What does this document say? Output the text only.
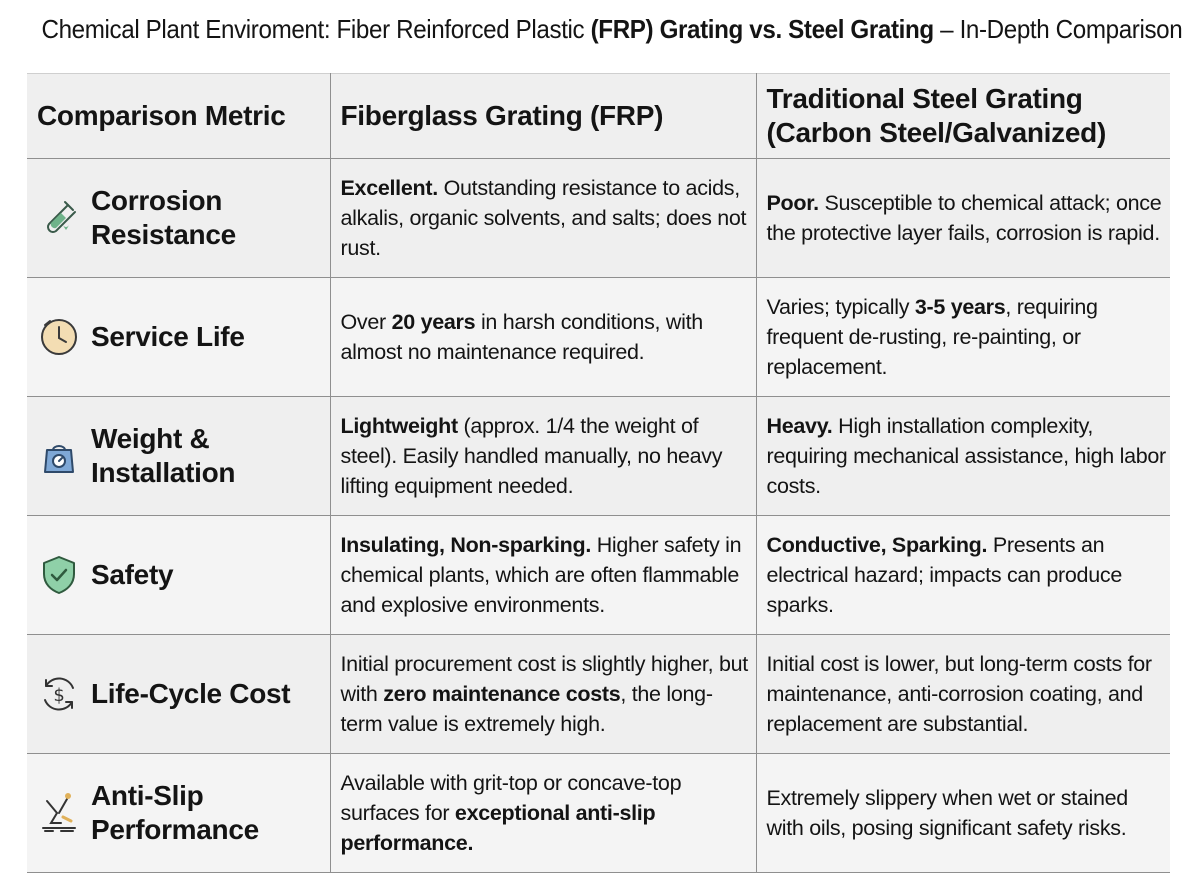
Chemical Plant Enviroment: Fiber Reinforced Plastic (FRP) Grating vs. Steel Grating – In-Depth Comparison
Comparison Metric	Fiberglass Grating (FRP)	Traditional Steel Grating
(Carbon Steel/Galvanized)

Corrosion
Resistance	Excellent. Outstanding resistance to acids, alkalis, organic solvents, and salts; does not rust.	Poor. Susceptible to chemical attack; once the protective layer fails, corrosion is rapid.

Service Life	Over 20 years in harsh conditions, with almost no maintenance required.	Varies; typically 3-5 years, requiring frequent de-rusting, re-painting, or replacement.

Weight &
Installation	Lightweight (approx. 1/4 the weight of steel). Easily handled manually, no heavy lifting equipment needed.	Heavy. High installation complexity, requiring mechanical assistance, high labor costs.

Safety	Insulating, Non-sparking. Higher safety in chemical plants, which are often flammable and explosive environments.	Conductive, Sparking. Presents an electrical hazard; impacts can produce sparks.

$ Life-Cycle Cost	Initial procurement cost is slightly higher, but with zero maintenance costs, the long-term value is extremely high.	Initial cost is lower, but long-term costs for maintenance, anti-corrosion coating, and replacement are substantial.

Anti-Slip
Performance	Available with grit-top or concave-top surfaces for exceptional anti-slip performance.	Extremely slippery when wet or stained with oils, posing significant safety risks.
